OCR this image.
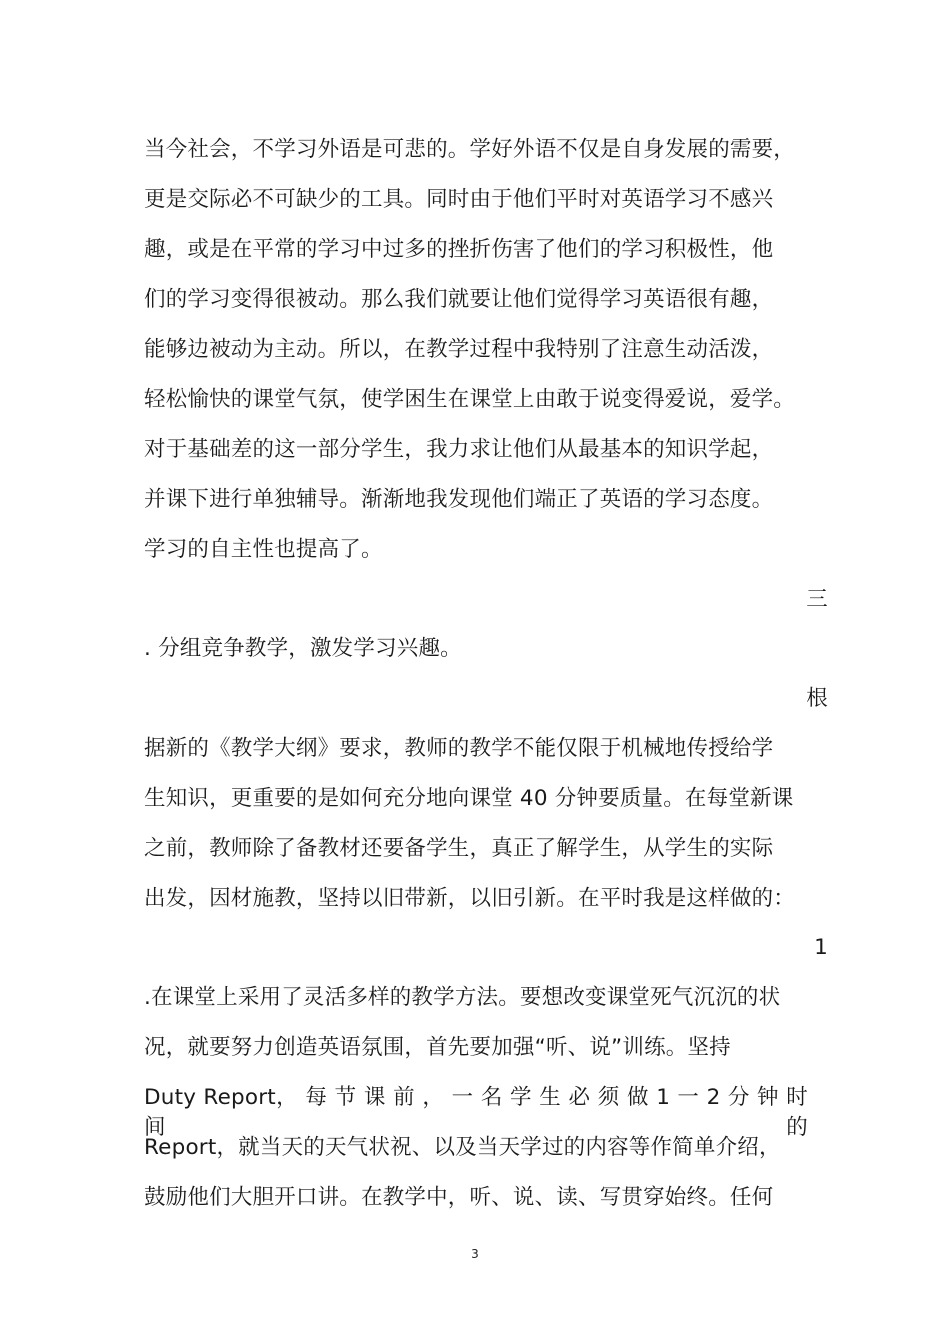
当今社会，不学习外语是可悲的。学好外语不仅是自身发展的需要，
更是交际必不可缺少的工具。同时由于他们平时对英语学习不感兴
趣，或是在平常的学习中过多的挫折伤害了他们的学习积极性，他
们的学习变得很被动。那么我们就要让他们觉得学习英语很有趣，
能够边被动为主动。所以，在教学过程中我特别了注意生动活泼，
轻松愉快的课堂气氛，使学困生在课堂上由敢于说变得爱说，爱学。
对于基础差的这一部分学生，我力求让他们从最基本的知识学起，
并课下进行单独辅导。渐渐地我发现他们端正了英语的学习态度。
学习的自主性也提高了。
三
. 分组竞争教学，激发学习兴趣。
根
据新的《教学大纲》要求，教师的教学不能仅限于机械地传授给学
生知识，更重要的是如何充分地向课堂 40 分钟要质量。在每堂新课
之前，教师除了备教材还要备学生，真正了解学生，从学生的实际
出发，因材施教，坚持以旧带新，以旧引新。在平时我是这样做的：
1
.在课堂上采用了灵活多样的教学方法。要想改变课堂死气沉沉的状
况，就要努力创造英语氛围，首先要加强“听、说”训练。坚持
Duty Report， 每 节 课 前 ， 一 名 学 生 必 须 做 1 一 2 分 钟 时 间 的
Report，就当天的天气状祝、以及当天学过的内容等作简单介绍，
鼓励他们大胆开口讲。在教学中，听、说、读、写贯穿始终。任何
3
